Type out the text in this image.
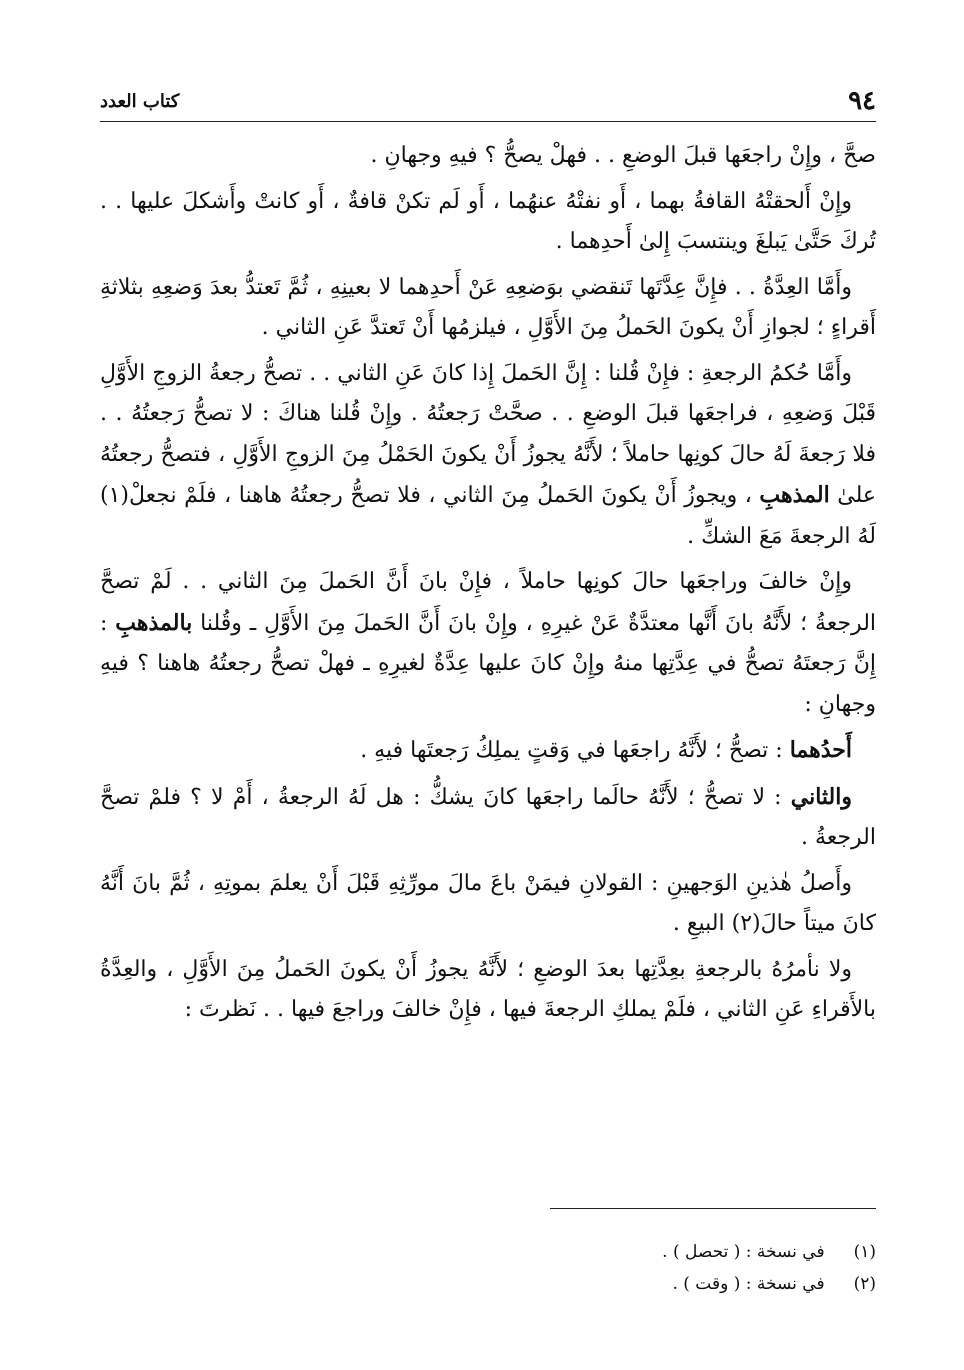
٩٤
كتاب العدد

صحَّ ، وإِنْ راجعَها قبلَ الوضعِ . . فهلْ يصحُّ ؟ فيهِ وجهانِ .

وإِنْ أَلحقتْهُ القافةُ بهما ، أَو نفتْهُ عنهُما ، أَو لَم تكنْ قافةٌ ، أَو كانتْ وأَشكلَ عليها . . تُركَ حَتَّىٰ يَبلغَ وينتسبَ إِلىٰ أَحدِهما .

وأَمَّا العِدَّةُ . . فإِنَّ عِدَّتَها تَنقضي بوَضعِهِ عَنْ أَحدِهما لا بعينِهِ ، ثُمَّ تَعتدُّ بعدَ وَضعِهِ بثلاثةِ أَقراءٍ ؛ لجوازِ أَنْ يكونَ الحَملُ مِنَ الأَوَّلِ ، فيلزمُها أَنْ تَعتدَّ عَنِ الثاني .

وأَمَّا حُكمُ الرجعةِ : فإِنْ قُلنا : إِنَّ الحَملَ إِذا كانَ عَنِ الثاني . . تصحُّ رجعةُ الزوجِ الأَوَّلِ قَبْلَ وَضعِهِ ، فراجعَها قبلَ الوضعِ . . صحَّتْ رَجعتُهُ . وإِنْ قُلنا هناكَ : لا تصحُّ رَجعتُهُ . . فلا رَجعةَ لَهُ حالَ كونِها حاملاً ؛ لأَنَّهُ يجوزُ أَنْ يكونَ الحَمْلُ مِنَ الزوجِ الأَوَّلِ ، فتصحُّ رجعتُهُ علىٰ المذهبِ ، ويجوزُ أَنْ يكونَ الحَملُ مِنَ الثاني ، فلا تصحُّ رجعتُهُ هاهنا ، فلَمْ نجعلْ(١) لَهُ الرجعةَ مَعَ الشكِّ .

وإِنْ خالفَ وراجعَها حالَ كونِها حاملاً ، فإِنْ بانَ أَنَّ الحَملَ مِنَ الثاني . . لَمْ تصحَّ الرجعةُ ؛ لأَنَّهُ بانَ أَنَّها معتدَّةٌ عَنْ غيرِهِ ، وإِنْ بانَ أَنَّ الحَملَ مِنَ الأَوَّلِ ـ وقُلنا بالمذهبِ : إِنَّ رَجعتَهُ تصحُّ في عِدَّتِها منهُ وإِنْ كانَ عليها عِدَّةٌ لغيرِهِ ـ فهلْ تصحُّ رجعتُهُ هاهنا ؟ فيهِ وجهانِ :

أَحدُهما : تصحُّ ؛ لأَنَّهُ راجعَها في وَقتٍ يملِكُ رَجعتَها فيهِ .

والثاني : لا تصحُّ ؛ لأَنَّهُ حالَما راجعَها كانَ يشكُّ : هل لَهُ الرجعةُ ، أَمْ لا ؟ فلمْ تصحَّ الرجعةُ .

وأَصلُ هٰذينِ الوَجهينِ : القولانِ فيمَنْ باعَ مالَ مورِّثِهِ قَبْلَ أَنْ يعلمَ بموتِهِ ، ثُمَّ بانَ أَنَّهُ كانَ ميتاً حالَ(٢) البيعِ .

ولا نأمرُهُ بالرجعةِ بعِدَّتِها بعدَ الوضعِ ؛ لأَنَّهُ يجوزُ أَنْ يكونَ الحَملُ مِنَ الأَوَّلِ ، والعِدَّةُ بالأَقراءِ عَنِ الثاني ، فلَمْ يملكِ الرجعةَ فيها ، فإِنْ خالفَ وراجعَ فيها . . نَظرتَ :

(١) في نسخة : ( تحصل ) .
(٢) في نسخة : ( وقت ) .
